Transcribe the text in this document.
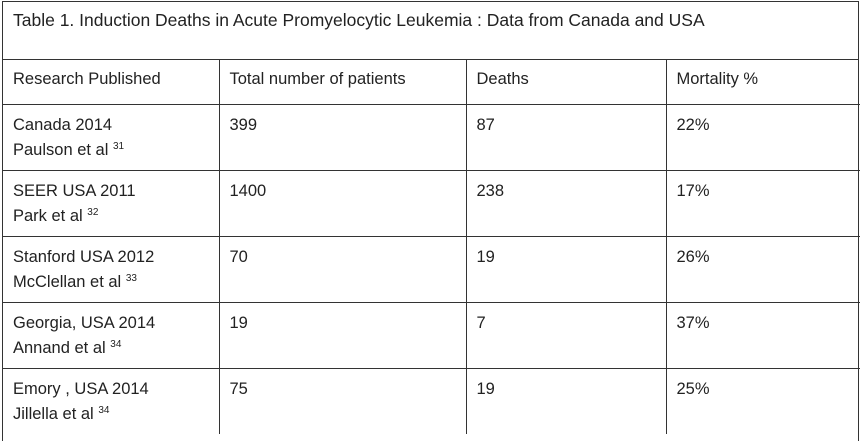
Table 1. Induction Deaths in Acute Promyelocytic Leukemia : Data from Canada and USA
Research Published	Total number of patients	Deaths	Mortality %

Canada 2014
Paulson et al $^{31}$	399	87	22%

SEER USA 2011
Park et al $^{32}$	1400	238	17%

Stanford USA 2012
McClellan et al $^{33}$	70	19	26%

Georgia, USA 2014
Annand et al $^{34}$	19	7	37%

Emory , USA 2014
Jillella et al $^{34}$	75	19	25%
